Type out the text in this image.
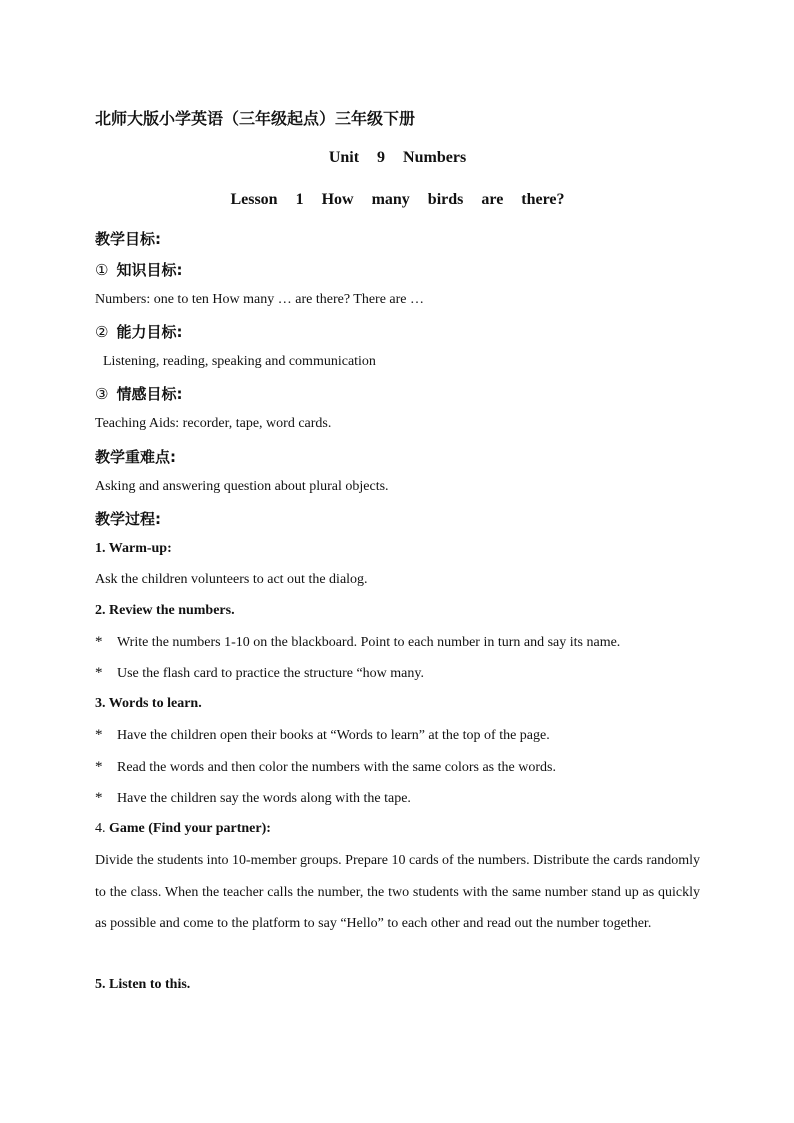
北师大版小学英语（三年级起点）三年级下册
Unit 9 Numbers
Lesson 1 How many birds are there?
教学目标:
① 知识目标:
Numbers: one to ten How many … are there? There are …
② 能力目标:
Listening, reading, speaking and communication
③ 情感目标:
Teaching Aids: recorder, tape, word cards.
教学重难点:
Asking and answering question about plural objects.
教学过程:
1. Warm-up:
Ask the children volunteers to act out the dialog.
2. Review the numbers.
* Write the numbers 1-10 on the blackboard. Point to each number in turn and say its name.
* Use the flash card to practice the structure “how many.
3. Words to learn.
* Have the children open their books at “Words to learn” at the top of the page.
* Read the words and then color the numbers with the same colors as the words.
* Have the children say the words along with the tape.
4. Game (Find your partner):
Divide the students into 10-member groups. Prepare 10 cards of the numbers. Distribute the cards randomly to the class. When the teacher calls the number, the two students with the same number stand up as quickly as possible and come to the platform to say “Hello” to each other and read out the number together.
5. Listen to this.
